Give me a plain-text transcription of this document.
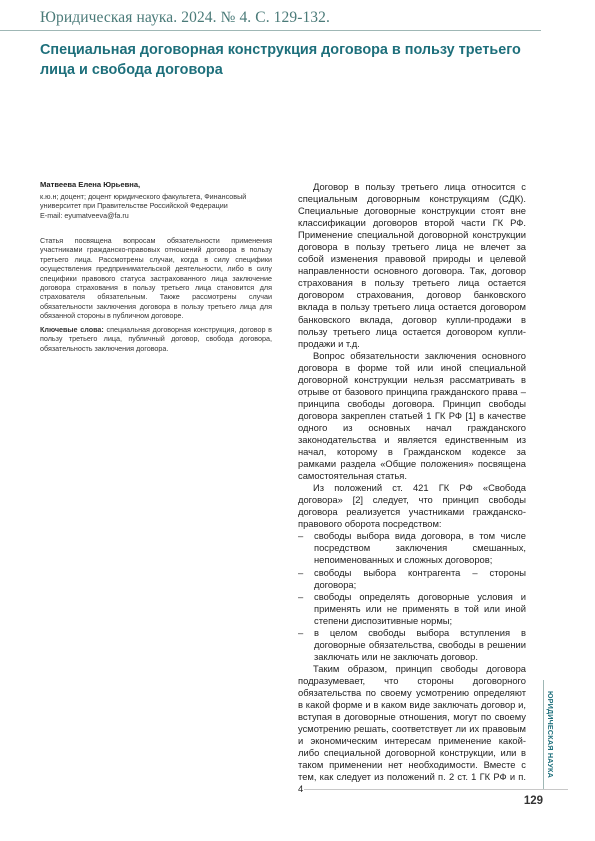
Юридическая наука. 2024. № 4. С. 129-132.
Специальная договорная конструкция договора в пользу третьего лица и свобода договора
Матвеева Елена Юрьевна,
к.ю.н; доцент; доцент юридического факультета, Финансовый университет при Правительстве Российской Федерации
E-mail: eyumatveeva@fa.ru

Статья посвящена вопросам обязательности применения участниками гражданско-правовых отношений договора в пользу третьего лица. Рассмотрены случаи, когда в силу специфики осуществления предпринимательской деятельности, либо в силу специфики правового статуса застрахованного лица заключение договора страхования в пользу третьего лица становится для страхователя обязательным. Также рассмотрены случаи обязательности заключения договора в пользу третьего лица для обязанной стороны в публичном договоре.

Ключевые слова: специальная договорная конструкция, договор в пользу третьего лица, публичный договор, свобода договора, обязательность заключения договора.

Договор в пользу третьего лица относится с специальным договорным конструкциям (СДК). Специальные договорные конструкции стоят вне классификации договоров второй части ГК РФ. Применение специальной договорной конструкции договора в пользу третьего лица не влечет за собой изменения правовой природы и целевой направленности основного договора. Так, договор страхования в пользу третьего лица остается договором страхования, договор банковского вклада в пользу третьего лица остается договором банковского вклада, договор купли-продажи в пользу третьего лица остается договором купли-продажи и т.д.

Вопрос обязательности заключения основного договора в форме той или иной специальной договорной конструкции нельзя рассматривать в отрыве от базового принципа гражданского права – принципа свободы договора. Принцип свободы договора закреплен статьей 1 ГК РФ [1] в качестве одного из основных начал гражданского законодательства и является единственным из начал, которому в Гражданском кодексе за рамками раздела «Общие положения» посвящена самостоятельная статья.

Из положений ст. 421 ГК РФ «Свобода договора» [2] следует, что принцип свободы договора реализуется участниками гражданско-правового оборота посредством:

– свободы выбора вида договора, в том числе посредством заключения смешанных, непоименованных и сложных договоров;
– свободы выбора контрагента – стороны договора;
– свободы определять договорные условия и применять или не применять в той или иной степени диспозитивные нормы;
– в целом свободы выбора вступления в договорные обязательства, свободы в решении заключать или не заключать договор.

Таким образом, принцип свободы договора подразумевает, что стороны договорного обязательства по своему усмотрению определяют в какой форме и в каком виде заключать договор и, вступая в договорные отношения, могут по своему усмотрению решать, соответствует ли их правовым и экономическим интересам применение какой-либо специальной договорной конструкции, или в таком применении нет необходимости. Вместе с тем, как следует из положений п. 2 ст. 1 ГК РФ и п. 4

ЮРИДИЧЕСКАЯ НАУКА
129
